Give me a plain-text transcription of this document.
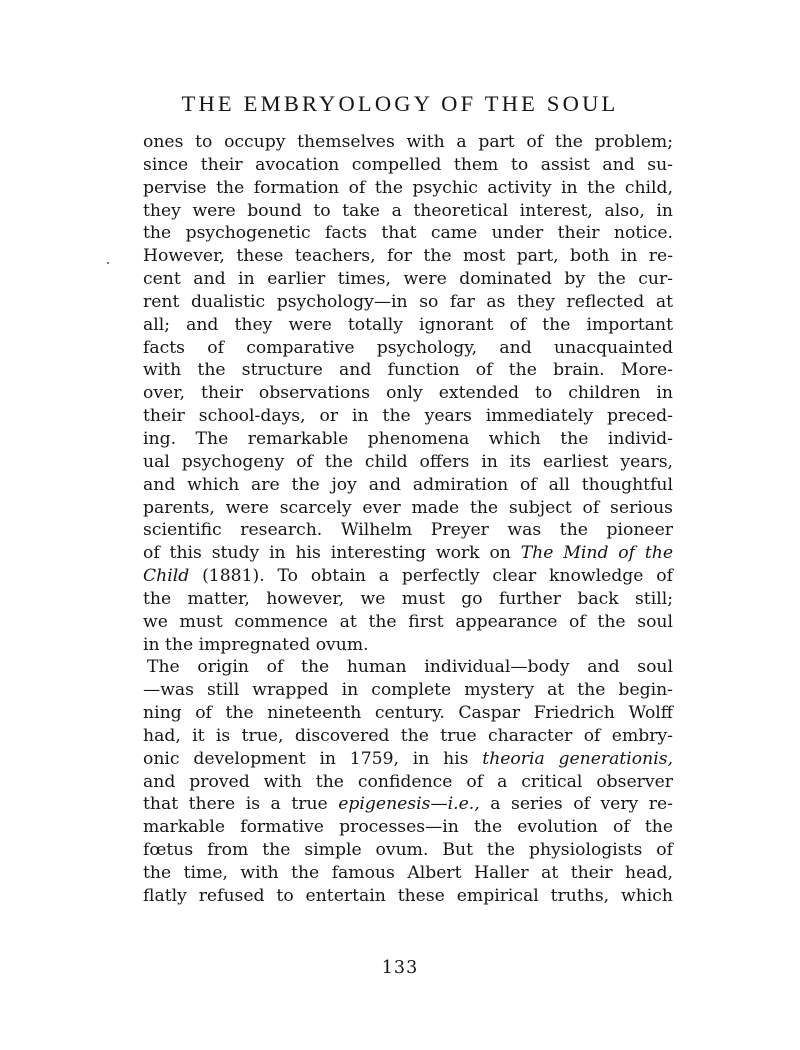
THE EMBRYOLOGY OF THE SOUL
ones to occupy themselves with a part of the problem;
since their avocation compelled them to assist and su-
pervise the formation of the psychic activity in the child,
they were bound to take a theoretical interest, also, in
the psychogenetic facts that came under their notice.
However, these teachers, for the most part, both in re-
cent and in earlier times, were dominated by the cur-
rent dualistic psychology—in so far as they reflected at
all; and they were totally ignorant of the important
facts of comparative psychology, and unacquainted
with the structure and function of the brain. More-
over, their observations only extended to children in
their school-days, or in the years immediately preced-
ing. The remarkable phenomena which the individ-
ual psychogeny of the child offers in its earliest years,
and which are the joy and admiration of all thoughtful
parents, were scarcely ever made the subject of serious
scientific research. Wilhelm Preyer was the pioneer
of this study in his interesting work on The Mind of the
Child (1881). To obtain a perfectly clear knowledge of
the matter, however, we must go further back still;
we must commence at the first appearance of the soul
in the impregnated ovum.
The origin of the human individual—body and soul
—was still wrapped in complete mystery at the begin-
ning of the nineteenth century. Caspar Friedrich Wolff
had, it is true, discovered the true character of embry-
onic development in 1759, in his theoria generationis,
and proved with the confidence of a critical observer
that there is a true epigenesis—i.e., a series of very re-
markable formative processes—in the evolution of the
fœtus from the simple ovum. But the physiologists of
the time, with the famous Albert Haller at their head,
flatly refused to entertain these empirical truths, which
133
